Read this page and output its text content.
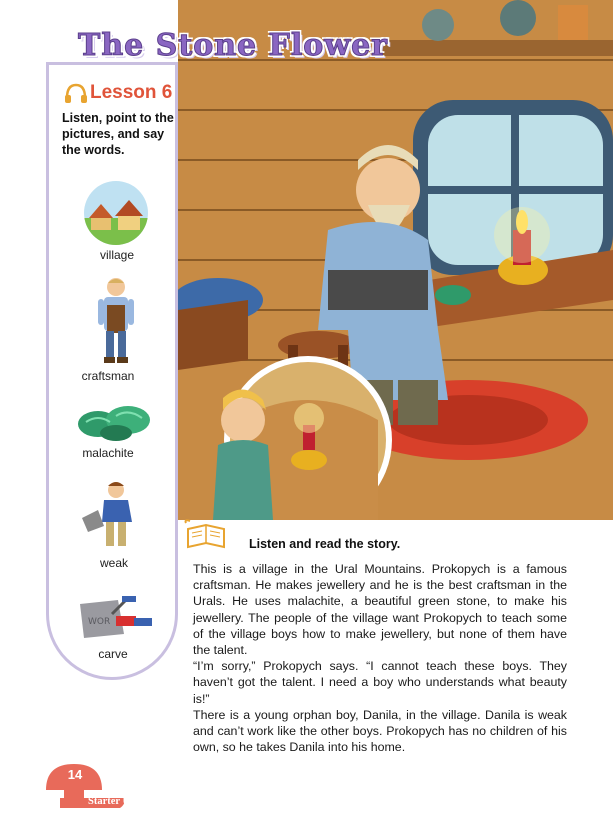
The Stone Flower
Lesson 6

Listen, point to the pictures, and say the words.

village
craftsman
malachite
weak
WOR
carve
Listen and read the story.

This is a village in the Ural Mountains. Prokopych is a famous craftsman. He makes jewellery and he is the best craftsman in the Urals. He uses malachite, a beautiful green stone, to make his jewellery. The people of the village want Prokopych to teach some of the village boys how to make jewellery, but none of them have the talent.

“I’m sorry,” Prokopych says. “I cannot teach these boys. They haven’t got the talent. I need a boy who understands what beauty is!”

There is a young orphan boy, Danila, in the village. Danila is weak and can’t work like the other boys. Prokopych has no children of his own, so he takes Danila into his home.

14
Starter Unit
